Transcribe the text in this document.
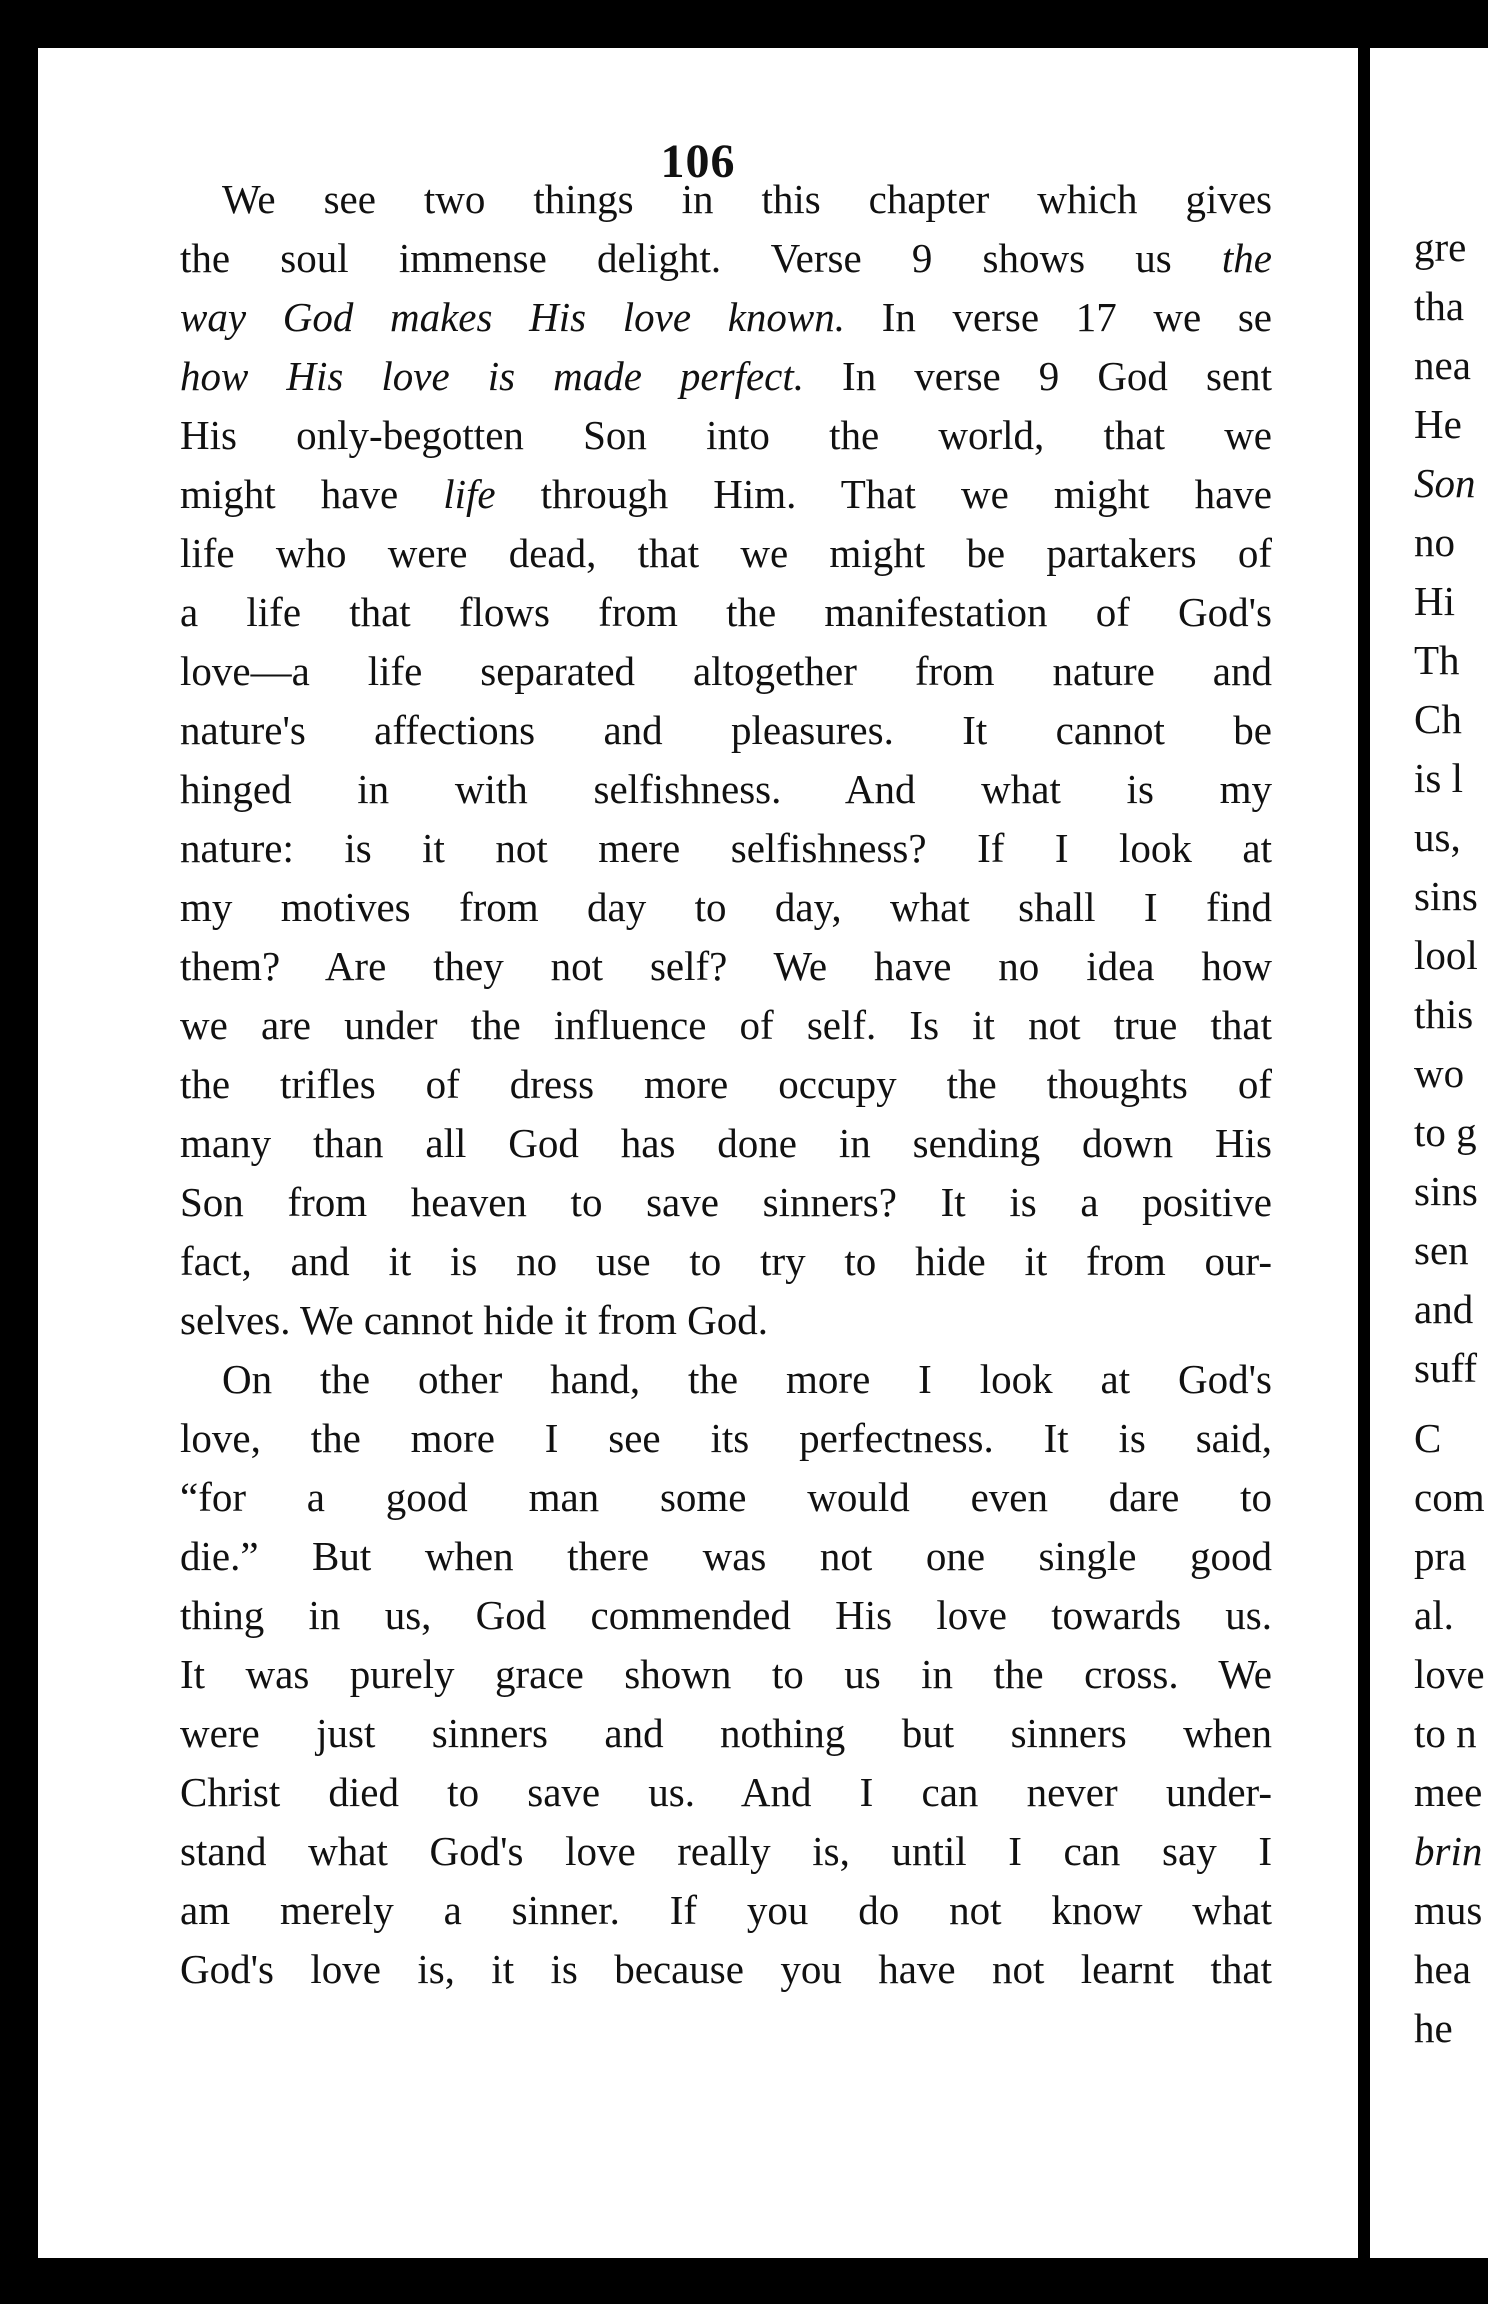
106
We see two things in this chapter which gives
the soul immense delight. Verse 9 shows us the
way God makes His love known. In verse 17 we se
how His love is made perfect. In verse 9 God sent
His only-begotten Son into the world, that we
might have life through Him. That we might have
life who were dead, that we might be partakers of
a life that flows from the manifestation of God's
love—a life separated altogether from nature and
nature's affections and pleasures. It cannot be
hinged in with selfishness. And what is my
nature: is it not mere selfishness? If I look at
my motives from day to day, what shall I find
them? Are they not self? We have no idea how
we are under the influence of self. Is it not true that
the trifles of dress more occupy the thoughts of
many than all God has done in sending down His
Son from heaven to save sinners? It is a positive
fact, and it is no use to try to hide it from our-
selves. We cannot hide it from God.
On the other hand, the more I look at God's
love, the more I see its perfectness. It is said,
“for a good man some would even dare to
die.” But when there was not one single good
thing in us, God commended His love towards us.
It was purely grace shown to us in the cross. We
were just sinners and nothing but sinners when
Christ died to save us. And I can never under-
stand what God's love really is, until I can say I
am merely a sinner. If you do not know what
God's love is, it is because you have not learnt that
gre
tha
nea
He
Son
no
Hi
Th
Ch
is l
us,
sins
lool
this
wo
to g
sins
sen
and
suff
C
com
pra
al.
love
to n
mee
brin
mus
hea
he
